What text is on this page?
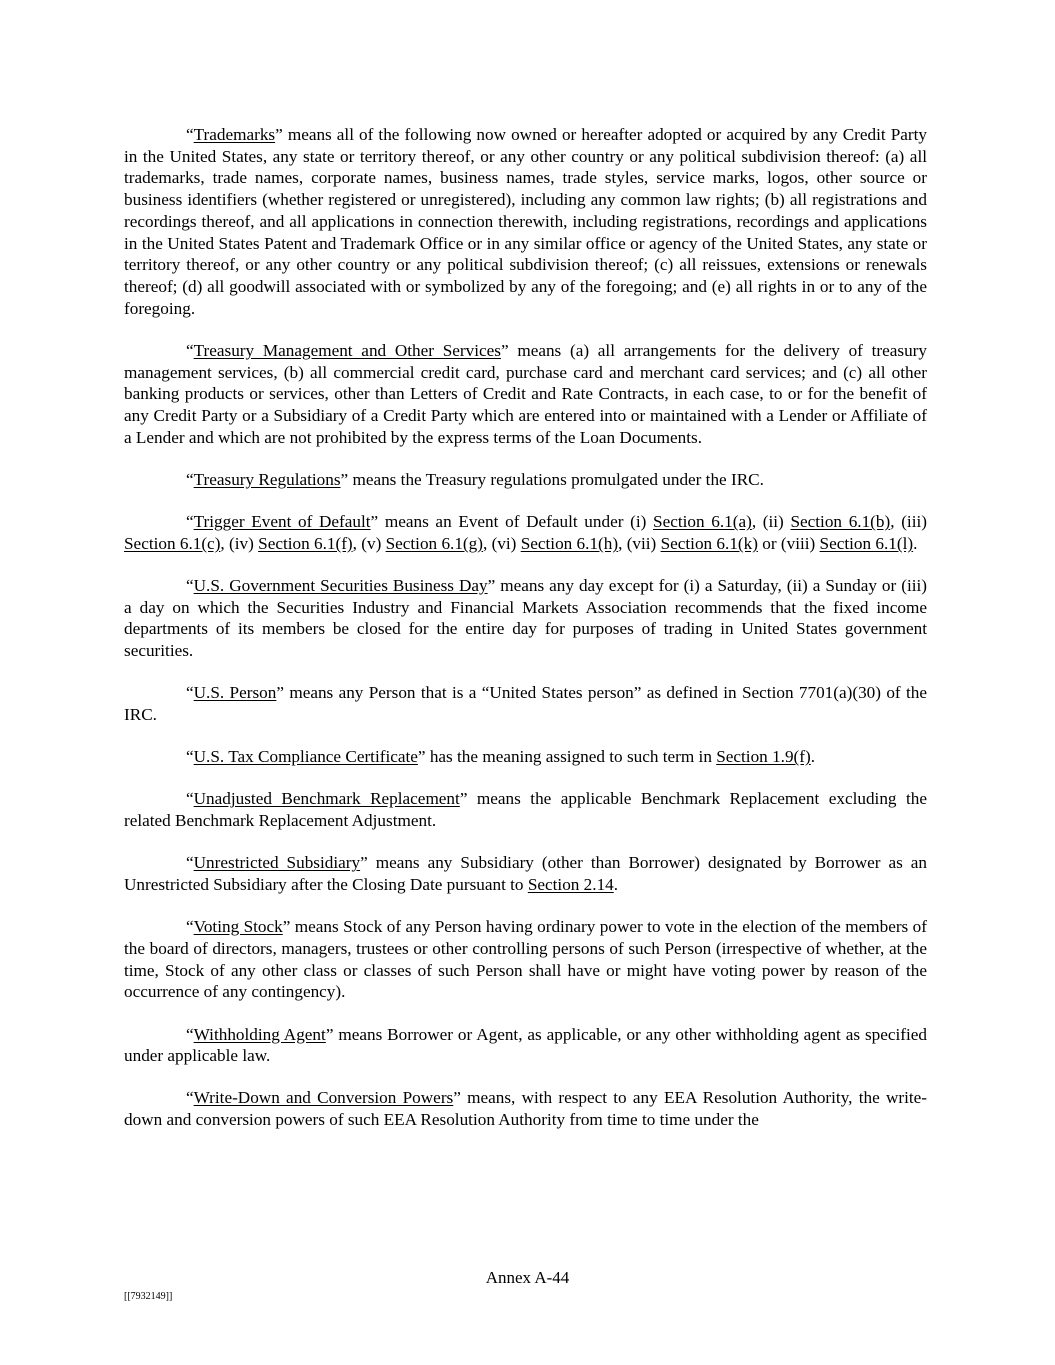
“Trademarks” means all of the following now owned or hereafter adopted or acquired by any Credit Party in the United States, any state or territory thereof, or any other country or any political subdivision thereof: (a) all trademarks, trade names, corporate names, business names, trade styles, service marks, logos, other source or business identifiers (whether registered or unregistered), including any common law rights; (b) all registrations and recordings thereof, and all applications in connection therewith, including registrations, recordings and applications in the United States Patent and Trademark Office or in any similar office or agency of the United States, any state or territory thereof, or any other country or any political subdivision thereof; (c) all reissues, extensions or renewals thereof; (d) all goodwill associated with or symbolized by any of the foregoing; and (e) all rights in or to any of the foregoing.

“Treasury Management and Other Services” means (a) all arrangements for the delivery of treasury management services, (b) all commercial credit card, purchase card and merchant card services; and (c) all other banking products or services, other than Letters of Credit and Rate Contracts, in each case, to or for the benefit of any Credit Party or a Subsidiary of a Credit Party which are entered into or maintained with a Lender or Affiliate of a Lender and which are not prohibited by the express terms of the Loan Documents.

“Treasury Regulations” means the Treasury regulations promulgated under the IRC.

“Trigger Event of Default” means an Event of Default under (i) Section 6.1(a), (ii) Section 6.1(b), (iii) Section 6.1(c), (iv) Section 6.1(f), (v) Section 6.1(g), (vi) Section 6.1(h), (vii) Section 6.1(k) or (viii) Section 6.1(l).

“U.S. Government Securities Business Day” means any day except for (i) a Saturday, (ii) a Sunday or (iii) a day on which the Securities Industry and Financial Markets Association recommends that the fixed income departments of its members be closed for the entire day for purposes of trading in United States government securities.

“U.S. Person” means any Person that is a “United States person” as defined in Section 7701(a)(30) of the IRC.

“U.S. Tax Compliance Certificate” has the meaning assigned to such term in Section 1.9(f).

“Unadjusted Benchmark Replacement” means the applicable Benchmark Replacement excluding the related Benchmark Replacement Adjustment.

“Unrestricted Subsidiary” means any Subsidiary (other than Borrower) designated by Borrower as an Unrestricted Subsidiary after the Closing Date pursuant to Section 2.14.

“Voting Stock” means Stock of any Person having ordinary power to vote in the election of the members of the board of directors, managers, trustees or other controlling persons of such Person (irrespective of whether, at the time, Stock of any other class or classes of such Person shall have or might have voting power by reason of the occurrence of any contingency).

“Withholding Agent” means Borrower or Agent, as applicable, or any other withholding agent as specified under applicable law.

“Write-Down and Conversion Powers” means, with respect to any EEA Resolution Authority, the write-down and conversion powers of such EEA Resolution Authority from time to time under the

Annex A-44
[[7932149]]
